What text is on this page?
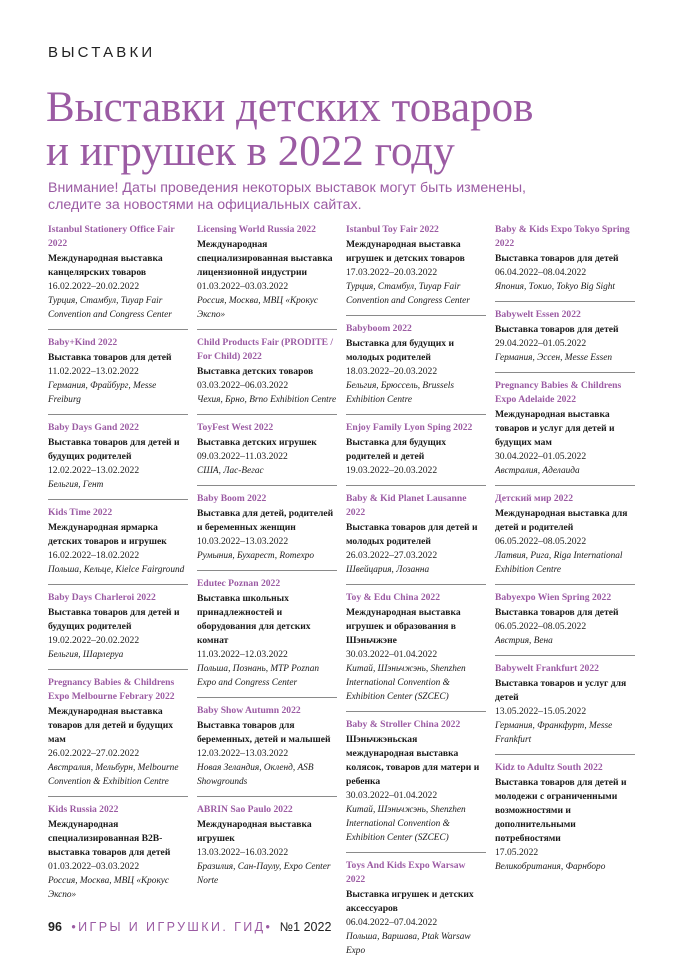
ВЫСТАВКИ
Выставки детских товаров
и игрушек в 2022 году
Внимание! Даты проведения некоторых выставок могут быть изменены,
следите за новостями на официальных сайтах.
Istanbul Stationery Office Fair 2022
Международная выставка канцелярских товаров
16.02.2022–20.02.2022
Турция, Стамбул, Tuyap Fair Convention and Congress Center
Baby+Kind 2022
Выставка товаров для детей
11.02.2022–13.02.2022
Германия, Фрайбург, Messe Freiburg
Baby Days Gand 2022
Выставка товаров для детей и будущих родителей
12.02.2022–13.02.2022
Бельгия, Гент
Kids Time 2022
Международная ярмарка детских товаров и игрушек
16.02.2022–18.02.2022
Польша, Кельце, Kielce Fairground
Baby Days Charleroi 2022
Выставка товаров для детей и будущих родителей
19.02.2022–20.02.2022
Бельгия, Шарлеруа
Pregnancy Babies & Childrens Expo Melbourne Febrary 2022
Международная выставка товаров для детей и будущих мам
26.02.2022–27.02.2022
Австралия, Мельбурн, Melbourne Convention & Exhibition Centre
Kids Russia 2022
Международная специализированная B2B-выставка товаров для детей
01.03.2022–03.03.2022
Россия, Москва, МВЦ «Крокус Экспо»
Licensing World Russia 2022
Международная специализированная выставка лицензионной индустрии
01.03.2022–03.03.2022
Россия, Москва, МВЦ «Крокус Экспо»
Child Products Fair (PRODITE / For Child) 2022
Выставка детских товаров
03.03.2022–06.03.2022
Чехия, Брно, Brno Exhibition Centre
ToyFest West 2022
Выставка детских игрушек
09.03.2022–11.03.2022
США, Лас-Вегас
Baby Boom 2022
Выставка для детей, родителей и беременных женщин
10.03.2022–13.03.2022
Румыния, Бухарест, Romexpo
Edutec Poznan 2022
Выставка школьных принадлежностей и оборудования для детских комнат
11.03.2022–12.03.2022
Польша, Познань, MTP Poznan Expo and Congress Center
Baby Show Autumn 2022
Выставка товаров для беременных, детей и малышей
12.03.2022–13.03.2022
Новая Зеландия, Окленд, ASB Showgrounds
ABRIN Sao Paulo 2022
Международная выставка игрушек
13.03.2022–16.03.2022
Бразилия, Сан-Паулу, Expo Center Norte
Istanbul Toy Fair 2022
Международная выставка игрушек и детских товаров
17.03.2022–20.03.2022
Турция, Стамбул, Tuyap Fair Convention and Congress Center
Babyboom 2022
Выставка для будущих и молодых родителей
18.03.2022–20.03.2022
Бельгия, Брюссель, Brussels Exhibition Centre
Enjoy Family Lyon Sping 2022
Выставка для будущих родителей и детей
19.03.2022–20.03.2022
Baby & Kid Planet Lausanne 2022
Выставка товаров для детей и молодых родителей
26.03.2022–27.03.2022
Швейцария, Лозанна
Toy & Edu China 2022
Международная выставка игрушек и образования в Шэньчжэне
30.03.2022–01.04.2022
Китай, Шэньчжэнь, Shenzhen International Convention & Exhibition Center (SZCEC)
Baby & Stroller China 2022
Шэньчжэньская международная выставка колясок, товаров для матери и ребенка
30.03.2022–01.04.2022
Китай, Шэньчжэнь, Shenzhen International Convention & Exhibition Center (SZCEC)
Toys And Kids Expo Warsaw 2022
Выставка игрушек и детских аксессуаров
06.04.2022–07.04.2022
Польша, Варшава, Ptak Warsaw Expo
Baby & Kids Expo Tokyo Spring 2022
Выставка товаров для детей
06.04.2022–08.04.2022
Япония, Токио, Tokyo Big Sight
Babywelt Essen 2022
Выставка товаров для детей
29.04.2022–01.05.2022
Германия, Эссен, Messe Essen
Pregnancy Babies & Childrens Expo Adelaide 2022
Международная выставка товаров и услуг для детей и будущих мам
30.04.2022–01.05.2022
Австралия, Аделаида
Детский мир 2022
Международная выставка для детей и родителей
06.05.2022–08.05.2022
Латвия, Рига, Riga International Exhibition Centre
Babyexpo Wien Spring 2022
Выставка товаров для детей
06.05.2022–08.05.2022
Австрия, Вена
Babywelt Frankfurt 2022
Выставка товаров и услуг для детей
13.05.2022–15.05.2022
Германия, Франкфурт, Messe Frankfurt
Kidz to Adultz South 2022
Выставка товаров для детей и молодежи с ограниченными возможностями и дополнительными потребностями
17.05.2022
Великобритания, Фарнборо
96 •ИГРЫ И ИГРУШКИ. ГИД• №1 2022
